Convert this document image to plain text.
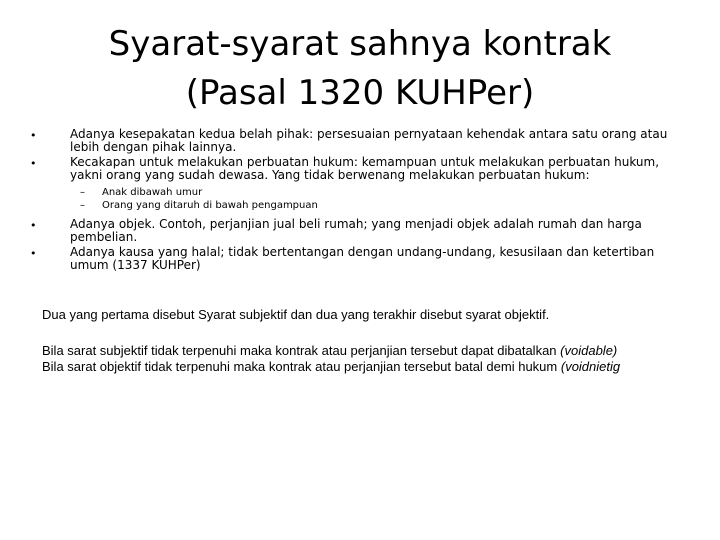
Syarat-syarat sahnya kontrak (Pasal 1320 KUHPer)
•	Adanya kesepakatan kedua belah pihak: persesuaian pernyataan kehendak antara satu orang atau lebih dengan pihak lainnya.
•	Kecakapan untuk melakukan perbuatan hukum: kemampuan untuk melakukan perbuatan hukum, yakni orang yang sudah dewasa. Yang tidak berwenang melakukan perbuatan hukum:
– Anak dibawah umur
– Orang yang ditaruh di bawah pengampuan
•	Adanya objek. Contoh, perjanjian jual beli rumah; yang menjadi objek adalah rumah dan harga pembelian.
•	Adanya kausa yang halal; tidak bertentangan dengan undang-undang, kesusilaan dan ketertiban umum (1337 KUHPer)

Dua yang pertama disebut Syarat subjektif dan dua yang terakhir disebut syarat objektif.

Bila sarat subjektif tidak terpenuhi maka kontrak atau perjanjian tersebut dapat dibatalkan (voidable)
Bila sarat objektif tidak terpenuhi maka kontrak atau perjanjian tersebut batal demi hukum (voidnietig
